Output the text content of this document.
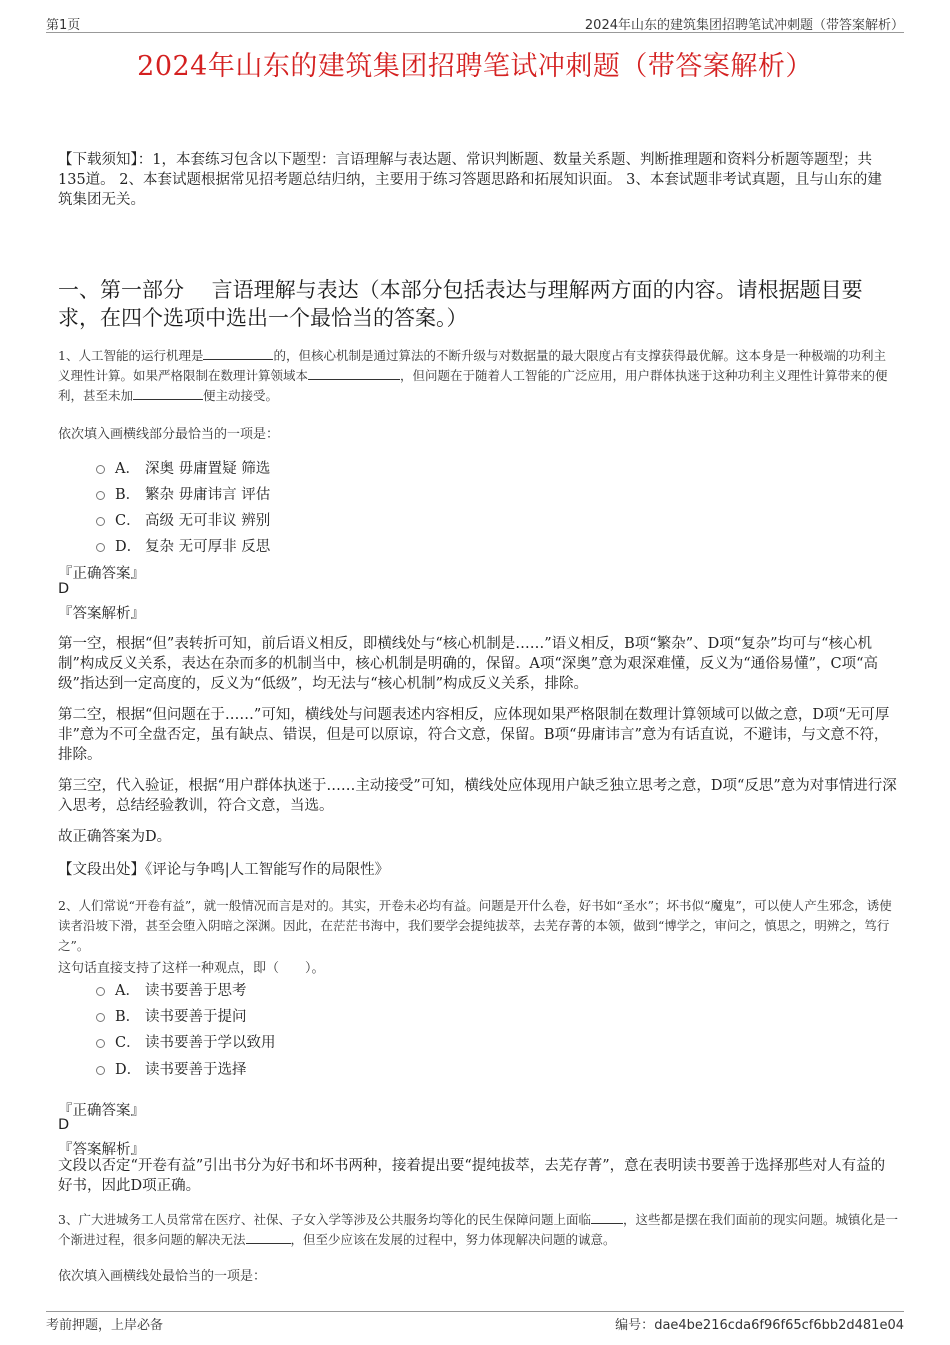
第1页	2024年山东的建筑集团招聘笔试冲刺题（带答案解析）
2024年山东的建筑集团招聘笔试冲刺题（带答案解析）
【下载须知】：1，本套练习包含以下题型：言语理解与表达题、常识判断题、数量关系题、判断推理题和资料分析题等题型；共135道。 2、本套试题根据常见招考题总结归纳，主要用于练习答题思路和拓展知识面。 3、本套试题非考试真题，且与山东的建筑集团无关。
一、第一部分　 言语理解与表达（本部分包括表达与理解两方面的内容。请根据题目要求，在四个选项中选出一个最恰当的答案。）
1、人工智能的运行机理是	的，但核心机制是通过算法的不断升级与对数据量的最大限度占有支撑获得最优解。这本身是一种极端的功利主义理性计算。如果严格限制在数理计算领域本	，但问题在于随着人工智能的广泛应用，用户群体执迷于这种功利主义理性计算带来的便利，甚至未加	便主动接受。
依次填入画横线部分最恰当的一项是：
A． 深奥 毋庸置疑 筛选
B． 繁杂 毋庸讳言 评估
C． 高级 无可非议 辨别
D． 复杂 无可厚非 反思
『正确答案』
D
『答案解析』
第一空，根据“但”表转折可知，前后语义相反，即横线处与“核心机制是……”语义相反，B项“繁杂”、D项“复杂”均可与“核心机制”构成反义关系，表达在杂而多的机制当中，核心机制是明确的，保留。A项“深奥”意为艰深难懂，反义为“通俗易懂”，C项“高级”指达到一定高度的，反义为“低级”，均无法与“核心机制”构成反义关系，排除。
第二空，根据“但问题在于……”可知，横线处与问题表述内容相反，应体现如果严格限制在数理计算领域可以做之意，D项“无可厚非”意为不可全盘否定，虽有缺点、错误，但是可以原谅，符合文意，保留。B项“毋庸讳言”意为有话直说，不避讳，与文意不符，排除。
第三空，代入验证，根据“用户群体执迷于……主动接受”可知，横线处应体现用户缺乏独立思考之意，D项“反思”意为对事情进行深入思考，总结经验教训，符合文意，当选。
故正确答案为D。
【文段出处】《评论与争鸣|人工智能写作的局限性》
2、人们常说“开卷有益”，就一般情况而言是对的。其实，开卷未必均有益。问题是开什么卷，好书如“圣水”；坏书似“魔鬼”，可以使人产生邪念，诱使读者沿坡下滑，甚至会堕入阴暗之深渊。因此，在茫茫书海中，我们要学会提纯拔萃，去芜存菁的本领，做到“博学之，审问之，慎思之，明辨之，笃行之”。
这句话直接支持了这样一种观点，即（　　）。
A． 读书要善于思考
B． 读书要善于提问
C． 读书要善于学以致用
D． 读书要善于选择
『正确答案』
D
『答案解析』
文段以否定“开卷有益”引出书分为好书和坏书两种，接着提出要“提纯拔萃，去芜存菁”，意在表明读书要善于选择那些对人有益的好书，因此D项正确。
3、广大进城务工人员常常在医疗、社保、子女入学等涉及公共服务均等化的民生保障问题上面临	，这些都是摆在我们面前的现实问题。城镇化是一个渐进过程，很多问题的解决无法	，但至少应该在发展的过程中，努力体现解决问题的诚意。
依次填入画横线处最恰当的一项是：
考前押题，上岸必备	编号：dae4be216cda6f96f65cf6bb2d481e04
